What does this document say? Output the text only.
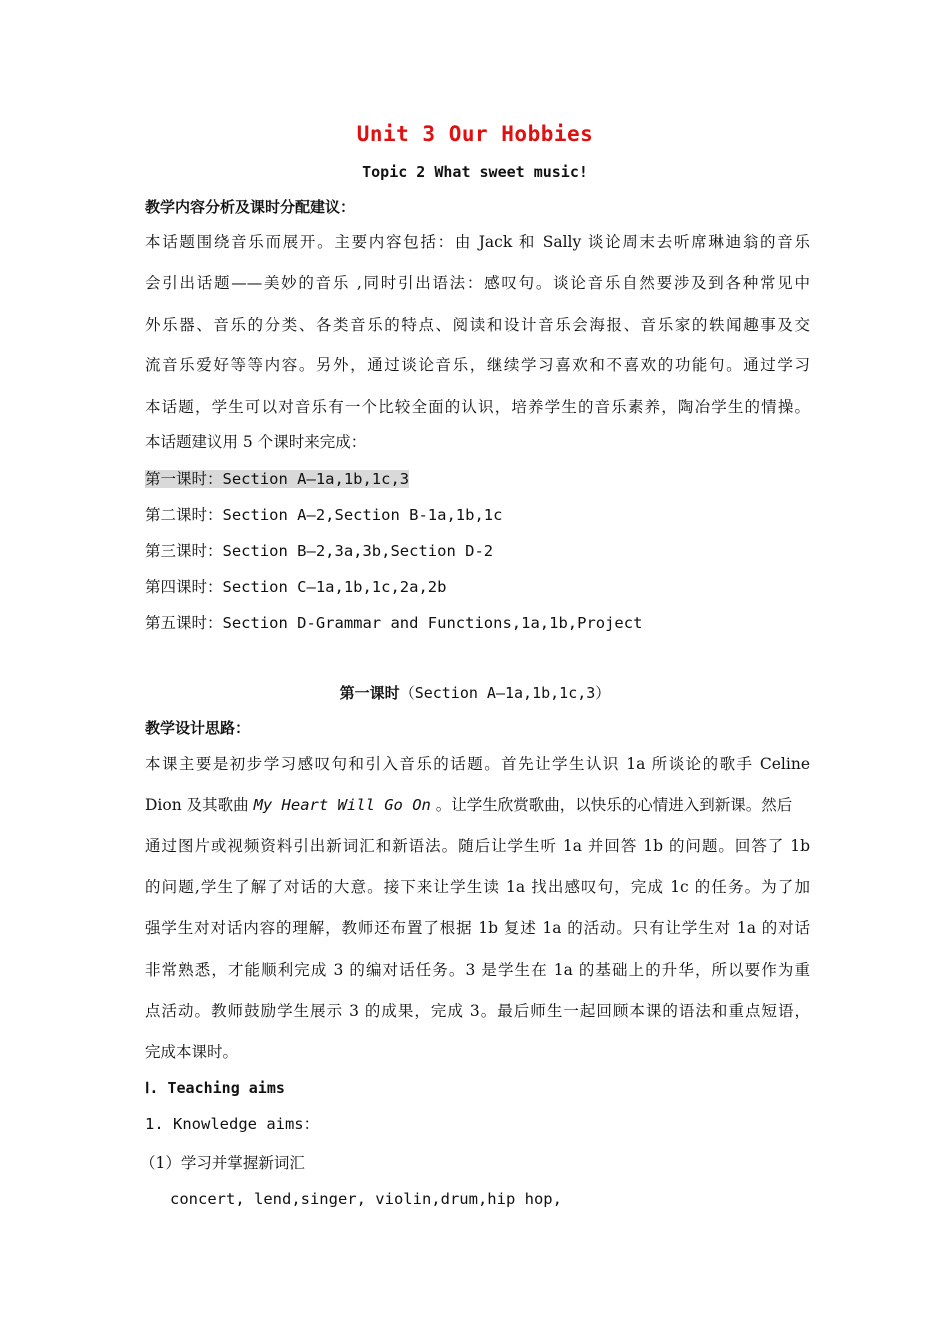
Unit 3 Our Hobbies
Topic 2 What sweet music!
教学内容分析及课时分配建议：
本话题围绕音乐而展开。主要内容包括：由 Jack 和 Sally 谈论周末去听席琳迪翁的音乐
会引出话题——美妙的音乐 ,同时引出语法：感叹句。谈论音乐自然要涉及到各种常见中
外乐器、音乐的分类、各类音乐的特点、阅读和设计音乐会海报、音乐家的轶闻趣事及交
流音乐爱好等等内容。另外，通过谈论音乐，继续学习喜欢和不喜欢的功能句。通过学习
本话题，学生可以对音乐有一个比较全面的认识，培养学生的音乐素养，陶冶学生的情操。
本话题建议用 5 个课时来完成：
第一课时：Section A—1a,1b,1c,3
第二课时：Section A—2,Section B-1a,1b,1c
第三课时：Section B—2,3a,3b,Section D-2
第四课时：Section C—1a,1b,1c,2a,2b
第五课时：Section D-Grammar and Functions,1a,1b,Project
第一课时（Section A—1a,1b,1c,3）
教学设计思路：
本课主要是初步学习感叹句和引入音乐的话题。首先让学生认识 1a 所谈论的歌手 Celine
Dion 及其歌曲 My Heart Will Go On 。让学生欣赏歌曲，以快乐的心情进入到新课。然后
通过图片或视频资料引出新词汇和新语法。随后让学生听 1a 并回答 1b 的问题。回答了 1b
的问题,学生了解了对话的大意。接下来让学生读 1a 找出感叹句，完成 1c 的任务。为了加
强学生对对话内容的理解，教师还布置了根据 1b 复述 1a 的活动。只有让学生对 1a 的对话
非常熟悉，才能顺利完成 3 的编对话任务。3 是学生在 1a 的基础上的升华，所以要作为重
点活动。教师鼓励学生展示 3 的成果，完成 3。最后师生一起回顾本课的语法和重点短语，
完成本课时。
Ⅰ. Teaching aims
1. Knowledge aims：
（1）学习并掌握新词汇
concert, lend,singer, violin,drum,hip hop,
